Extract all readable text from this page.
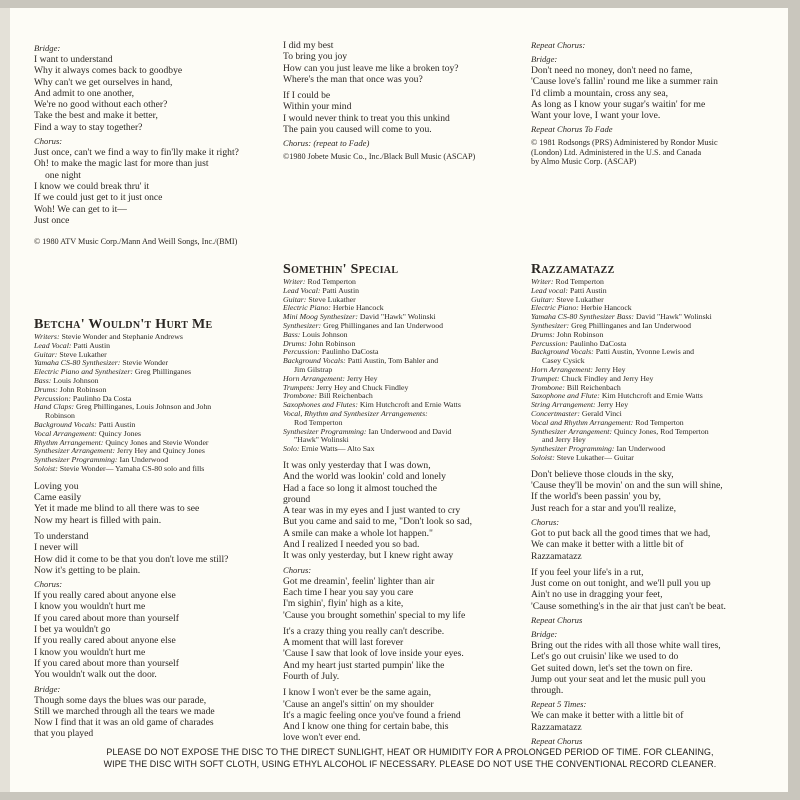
Bridge:
I want to understand
Why it always comes back to goodbye
Why can't we get ourselves in hand,
And admit to one another,
We're no good without each other?
Take the best and make it better,
Find a way to stay together?
Chorus:
Just once, can't we find a way to fin'lly make it right?
Oh! to make the magic last for more than just
one night
I know we could break thru' it
If we could just get to it just once
Woh! We can get to it—
Just once
© 1980 ATV Music Corp./Mann And Weill Songs, Inc./(BMI)
I did my best
To bring you joy
How can you just leave me like a broken toy?
Where's the man that once was you?
If I could be
Within your mind
I would never think to treat you this unkind
The pain you caused will come to you.
Chorus: (repeat to Fade)
©1980 Jobete Music Co., Inc./Black Bull Music (ASCAP)
Repeat Chorus:
Bridge:
Don't need no money, don't need no fame,
'Cause love's fallin' round me like a summer rain
I'd climb a mountain, cross any sea,
As long as I know your sugar's waitin' for me
Want your love, I want your love.
Repeat Chorus To Fade
© 1981 Rodsongs (PRS) Administered by Rondor Music
(London) Ltd. Administered in the U.S. and Canada
by Almo Music Corp. (ASCAP)
Betcha' Wouldn't Hurt Me
Writers: Stevie Wonder and Stephanie Andrews
Lead Vocal: Patti Austin
Guitar: Steve Lukather
Yamaha CS-80 Synthesizer: Stevie Wonder
Electric Piano and Synthesizer: Greg Phillinganes
Bass: Louis Johnson
Drums: John Robinson
Percussion: Paulinho Da Costa
Hand Claps: Greg Phillinganes, Louis Johnson and John
Robinson
Background Vocals: Patti Austin
Vocal Arrangement: Quincy Jones
Rhythm Arrangement: Quincy Jones and Stevie Wonder
Synthesizer Arrangement: Jerry Hey and Quincy Jones
Synthesizer Programming: Ian Underwood
Soloist: Stevie Wonder— Yamaha CS-80 solo and fills
Loving you
Came easily
Yet it made me blind to all there was to see
Now my heart is filled with pain.
To understand
I never will
How did it come to be that you don't love me still?
Now it's getting to be plain.
Chorus:
If you really cared about anyone else
I know you wouldn't hurt me
If you cared about more than yourself
I bet ya wouldn't go
If you really cared about anyone else
I know you wouldn't hurt me
If you cared about more than yourself
You wouldn't walk out the door.
Bridge:
Though some days the blues was our parade,
Still we marched through all the tears we made
Now I find that it was an old game of charades
that you played
Somethin' Special
Writer: Rod Temperton
Lead Vocal: Patti Austin
Guitar: Steve Lukather
Electric Piano: Herbie Hancock
Mini Moog Synthesizer: David "Hawk" Wolinski
Synthesizer: Greg Phillinganes and Ian Underwood
Bass: Louis Johnson
Drums: John Robinson
Percussion: Paulinho DaCosta
Background Vocals: Patti Austin, Tom Bahler and
Jim Gilstrap
Horn Arrangement: Jerry Hey
Trumpets: Jerry Hey and Chuck Findley
Trombone: Bill Reichenbach
Saxophones and Flutes: Kim Hutchcroft and Ernie Watts
Vocal, Rhythm and Synthesizer Arrangements:
Rod Temperton
Synthesizer Programming: Ian Underwood and David
"Hawk" Wolinski
Solo: Ernie Watts— Alto Sax
It was only yesterday that I was down,
And the world was lookin' cold and lonely
Had a face so long it almost touched the
ground
A tear was in my eyes and I just wanted to cry
But you came and said to me, "Don't look so sad,
A smile can make a whole lot happen."
And I realized I needed you so bad.
It was only yesterday, but I knew right away
Chorus:
Got me dreamin', feelin' lighter than air
Each time I hear you say you care
I'm sighin', flyin' high as a kite,
'Cause you brought somethin' special to my life
It's a crazy thing you really can't describe.
A moment that will last forever
'Cause I saw that look of love inside your eyes.
And my heart just started pumpin' like the
Fourth of July.
I know I won't ever be the same again,
'Cause an angel's sittin' on my shoulder
It's a magic feeling once you've found a friend
And I know one thing for certain babe, this
love won't ever end.
Razzamatazz
Writer: Rod Temperton
Lead vocal: Patti Austin
Guitar: Steve Lukather
Electric Piano: Herbie Hancock
Yamaha CS-80 Synthesizer Bass: David "Hawk" Wolinski
Synthesizer: Greg Phillinganes and Ian Underwood
Drums: John Robinson
Percussion: Paulinho DaCosta
Background Vocals: Patti Austin, Yvonne Lewis and
Casey Cysick
Horn Arrangement: Jerry Hey
Trumpet: Chuck Findley and Jerry Hey
Trombone: Bill Reichenbach
Saxophone and Flute: Kim Hutchcroft and Ernie Watts
String Arrangement: Jerry Hey
Concertmaster: Gerald Vinci
Vocal and Rhythm Arrangement: Rod Temperton
Synthesizer Arrangement: Quincy Jones, Rod Temperton
and Jerry Hey
Synthesizer Programming: Ian Underwood
Soloist: Steve Lukather— Guitar
Don't believe those clouds in the sky,
'Cause they'll be movin' on and the sun will shine,
If the world's been passin' you by,
Just reach for a star and you'll realize,
Chorus:
Got to put back all the good times that we had,
We can make it better with a little bit of
Razzamatazz
If you feel your life's in a rut,
Just come on out tonight, and we'll pull you up
Ain't no use in dragging your feet,
'Cause something's in the air that just can't be beat.
Repeat Chorus
Bridge:
Bring out the rides with all those white wall tires,
Let's go out cruisin' like we used to do
Get suited down, let's set the town on fire.
Jump out your seat and let the music pull you
through.
Repeat 5 Times:
We can make it better with a little bit of
Razzamatazz
Repeat Chorus
PLEASE DO NOT EXPOSE THE DISC TO THE DIRECT SUNLIGHT, HEAT OR HUMIDITY FOR A PROLONGED PERIOD OF TIME. FOR CLEANING,
WIPE THE DISC WITH SOFT CLOTH, USING ETHYL ALCOHOL IF NECESSARY. PLEASE DO NOT USE THE CONVENTIONAL RECORD CLEANER.
